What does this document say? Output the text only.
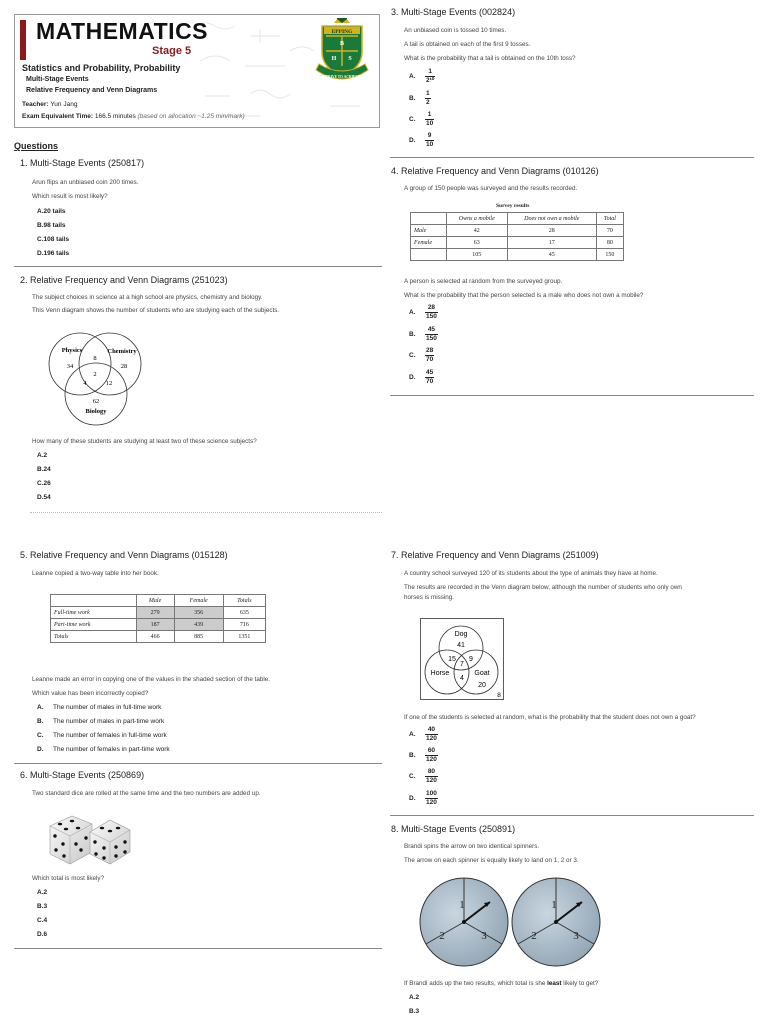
MATHEMATICS
Stage 5
Statistics and Probability, Probability
Multi-Stage Events
Relative Frequency and Venn Diagrams
Teacher: Yun Jang
Exam Equivalent Time: 166.5 minutes (based on allocation ~1.25 min/mark)
EPPING
B
H S
STRIVE TO ACHIEVE
Questions
1. Multi-Stage Events (250817)
Arun flips an unbiased coin 200 times.
Which result is most likely?
A.20 tails
B.98 tails
C.108 tails
D.196 tails
2. Relative Frequency and Venn Diagrams (251023)
The subject choices in science at a high school are physics, chemistry and biology.
This Venn diagram shows the number of students who are studying each of the subjects.
Physics	Chemistry
Biology
34
8
28
2
4	12
62
How many of these students are studying at least two of these science subjects?
A.2
B.24
C.26
D.54
3. Multi-Stage Events (002824)
An unbiased coin is tossed 10 times.
A tail is obtained on each of the first 9 tosses.
What is the probability that a tail is obtained on the 10th toss?
A. $\frac{1}{\text{2¹⁰}}$
B. $\frac{1}{2}$
C. $\frac{1}{10}$
D. $\frac{9}{10}$
4. Relative Frequency and Venn Diagrams (010126)
A group of 150 people was surveyed and the results recorded.
Survey results
	Owns a mobile	Does not own a mobile	Total
Male	42	28	70
Female	63	17	80
	105	45	150
A person is selected at random from the surveyed group.
What is the probability that the person selected is a male who does not own a mobile?
A. $\frac{28}{150}$
B. $\frac{45}{150}$
C. $\frac{28}{70}$
D. $\frac{45}{70}$
5. Relative Frequency and Venn Diagrams (015128)
Leanne copied a two-way table into her book.
	Male	Female	Totals
Full-time work	279	356	635
Part-time work	187	439	716
Totals	466	885	1351
Leanne made an error in copying one of the values in the shaded section of the table.
Which value has been incorrectly copied?
A. The number of males in full-time work
B. The number of males in part-time work
C. The number of females in full-time work
D. The number of females in part-time work
6. Multi-Stage Events (250869)
Two standard dice are rolled at the same time and the two numbers are added up.
Which total is most likely?
A.2
B.3
C.4
D.6
7. Relative Frequency and Venn Diagrams (251009)
A country school surveyed 120 of its students about the type of animals they have at home.
The results are recorded in the Venn diagram below, although the number of students who only own
horses is missing.
Dog
Horse	Goat
41
15
7
9
4
20
8
If one of the students is selected at random, what is the probability that the student does not own a goat?
A. $\frac{40}{120}$
B. $\frac{60}{120}$
C. $\frac{80}{120}$
D. $\frac{100}{120}$
8. Multi-Stage Events (250891)
Brandi spins the arrow on two identical spinners.
The arrow on each spinner is equally likely to land on 1, 2 or 3.
1
2	3
1
2	3
If Brandi adds up the two results, which total is she least likely to get?
A.2
B.3
